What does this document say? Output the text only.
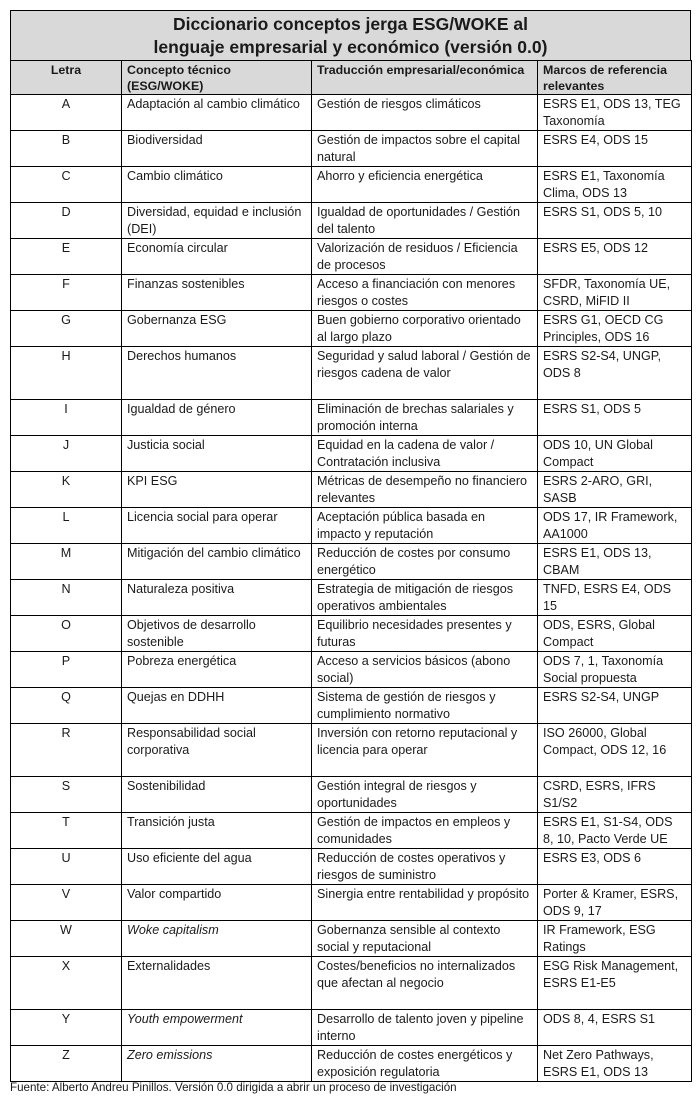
Diccionario conceptos jerga ESG/WOKE al
lenguaje empresarial y económico (versión 0.0)
Letra	Concepto técnico (ESG/WOKE)	Traducción empresarial/económica	Marcos de referencia relevantes
A	Adaptación al cambio climático	Gestión de riesgos climáticos	ESRS E1, ODS 13, TEG Taxonomía
B	Biodiversidad	Gestión de impactos sobre el capital natural	ESRS E4, ODS 15
C	Cambio climático	Ahorro y eficiencia energética	ESRS E1, Taxonomía Clima, ODS 13
D	Diversidad, equidad e inclusión (DEI)	Igualdad de oportunidades / Gestión del talento	ESRS S1, ODS 5, 10
E	Economía circular	Valorización de residuos / Eficiencia de procesos	ESRS E5, ODS 12
F	Finanzas sostenibles	Acceso a financiación con menores riesgos o costes	SFDR, Taxonomía UE, CSRD, MiFID II
G	Gobernanza ESG	Buen gobierno corporativo orientado al largo plazo	ESRS G1, OECD CG Principles, ODS 16
H	Derechos humanos	Seguridad y salud laboral / Gestión de riesgos cadena de valor	ESRS S2-S4, UNGP, ODS 8
I	Igualdad de género	Eliminación de brechas salariales y promoción interna	ESRS S1, ODS 5
J	Justicia social	Equidad en la cadena de valor / Contratación inclusiva	ODS 10, UN Global Compact
K	KPI ESG	Métricas de desempeño no financiero relevantes	ESRS 2-ARO, GRI, SASB
L	Licencia social para operar	Aceptación pública basada en impacto y reputación	ODS 17, IR Framework, AA1000
M	Mitigación del cambio climático	Reducción de costes por consumo energético	ESRS E1, ODS 13, CBAM
N	Naturaleza positiva	Estrategia de mitigación de riesgos operativos ambientales	TNFD, ESRS E4, ODS 15
O	Objetivos de desarrollo sostenible	Equilibrio necesidades presentes y futuras	ODS, ESRS, Global Compact
P	Pobreza energética	Acceso a servicios básicos (abono social)	ODS 7, 1, Taxonomía Social propuesta
Q	Quejas en DDHH	Sistema de gestión de riesgos y cumplimiento normativo	ESRS S2-S4, UNGP
R	Responsabilidad social corporativa	Inversión con retorno reputacional y licencia para operar	ISO 26000, Global Compact, ODS 12, 16
S	Sostenibilidad	Gestión integral de riesgos y oportunidades	CSRD, ESRS, IFRS S1/S2
T	Transición justa	Gestión de impactos en empleos y comunidades	ESRS E1, S1-S4, ODS 8, 10, Pacto Verde UE
U	Uso eficiente del agua	Reducción de costes operativos y riesgos de suministro	ESRS E3, ODS 6
V	Valor compartido	Sinergia entre rentabilidad y propósito	Porter & Kramer, ESRS, ODS 9, 17
W	Woke capitalism	Gobernanza sensible al contexto social y reputacional	IR Framework, ESG Ratings
X	Externalidades	Costes/beneficios no internalizados que afectan al negocio	ESG Risk Management, ESRS E1-E5
Y	Youth empowerment	Desarrollo de talento joven y pipeline interno	ODS 8, 4, ESRS S1
Z	Zero emissions	Reducción de costes energéticos y exposición regulatoria	Net Zero Pathways, ESRS E1, ODS 13
Fuente: Alberto Andreu Pinillos. Versión 0.0 dirigida a abrir un proceso de investigación
